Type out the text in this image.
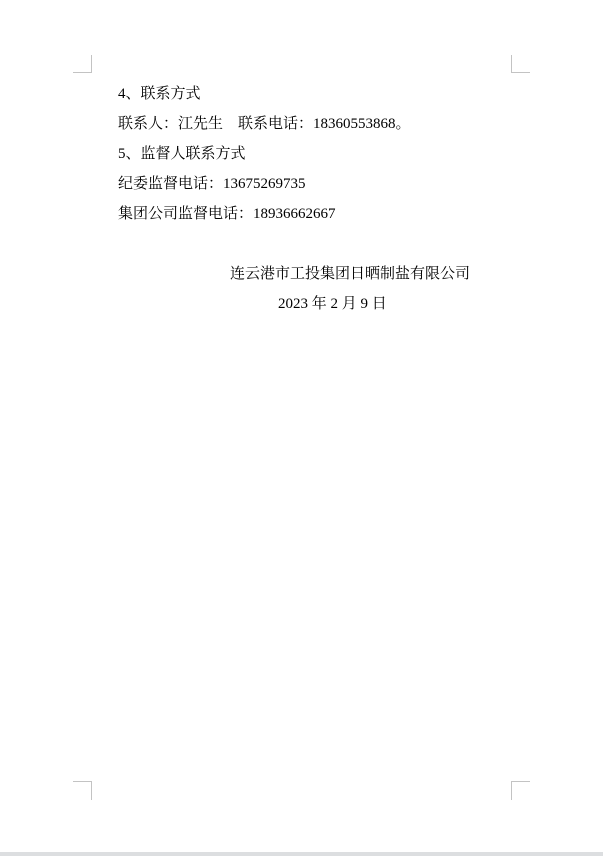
4、联系方式

联系人：江先生　联系电话：18360553868。

5、监督人联系方式

纪委监督电话：13675269735

集团公司监督电话：18936662667

连云港市工投集团日晒制盐有限公司

2023 年 2 月 9 日
